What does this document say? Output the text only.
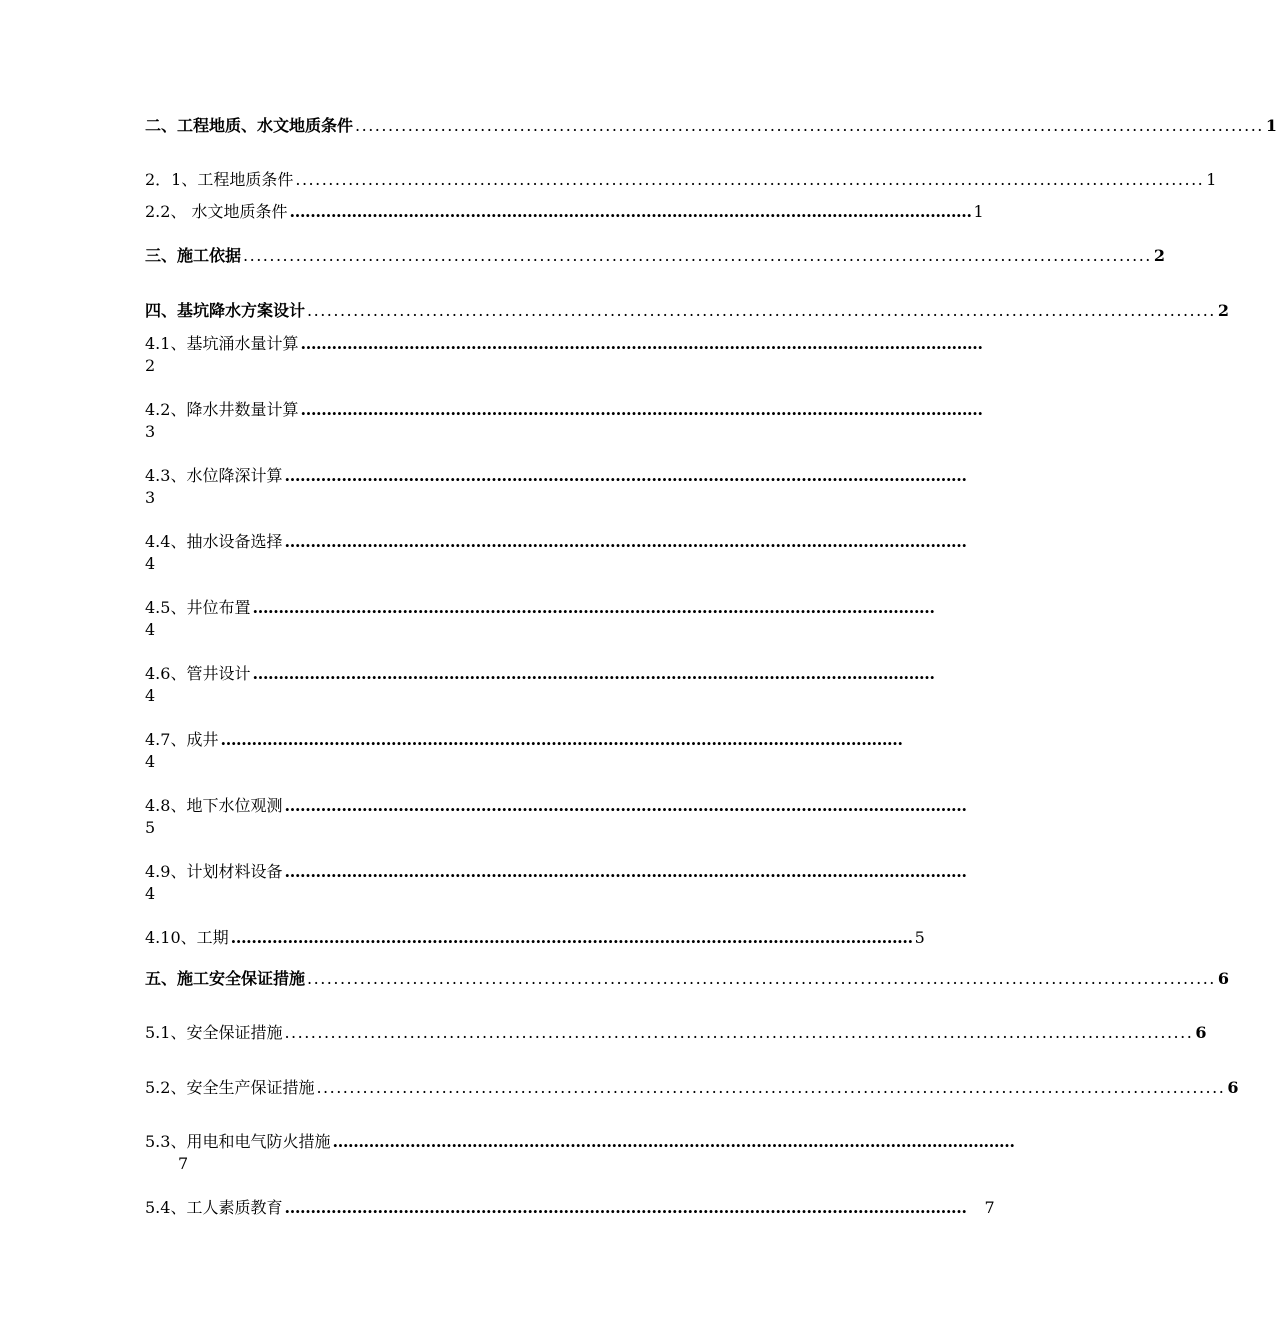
二、工程地质、水文地质条件 .......................................................................................................................................... 1
2．1、工程地质条件 .......................................................................................................................................... 1
2.2、 水文地质条件 …………………………………………………………………………………………………………………… 1
三、施工依据 .......................................................................................................................................... 2
四、基坑降水方案设计 .......................................................................................................................................... 2
4.1、基坑涌水量计算 ……………………………………………………………………………………………………………………
2
4.2、降水井数量计算 ……………………………………………………………………………………………………………………
3
4.3、水位降深计算 ……………………………………………………………………………………………………………………
3
4.4、抽水设备选择 ……………………………………………………………………………………………………………………
4
4.5、井位布置 ……………………………………………………………………………………………………………………
4
4.6、管井设计 ……………………………………………………………………………………………………………………
4
4.7、成井 ……………………………………………………………………………………………………………………
4
4.8、地下水位观测 ……………………………………………………………………………………………………………………
5
4.9、计划材料设备 ……………………………………………………………………………………………………………………
4
4.10、工期 …………………………………………………………………………………………………………………… 5
五、施工安全保证措施 .......................................................................................................................................... 6
5.1、安全保证措施 .......................................................................................................................................... 6
5.2、安全生产保证措施 .......................................................................................................................................... 6
5.3、用电和电气防火措施 ……………………………………………………………………………………………………………………
7
5.4、工人素质教育 …………………………………………………………………………………………………………………… 7
